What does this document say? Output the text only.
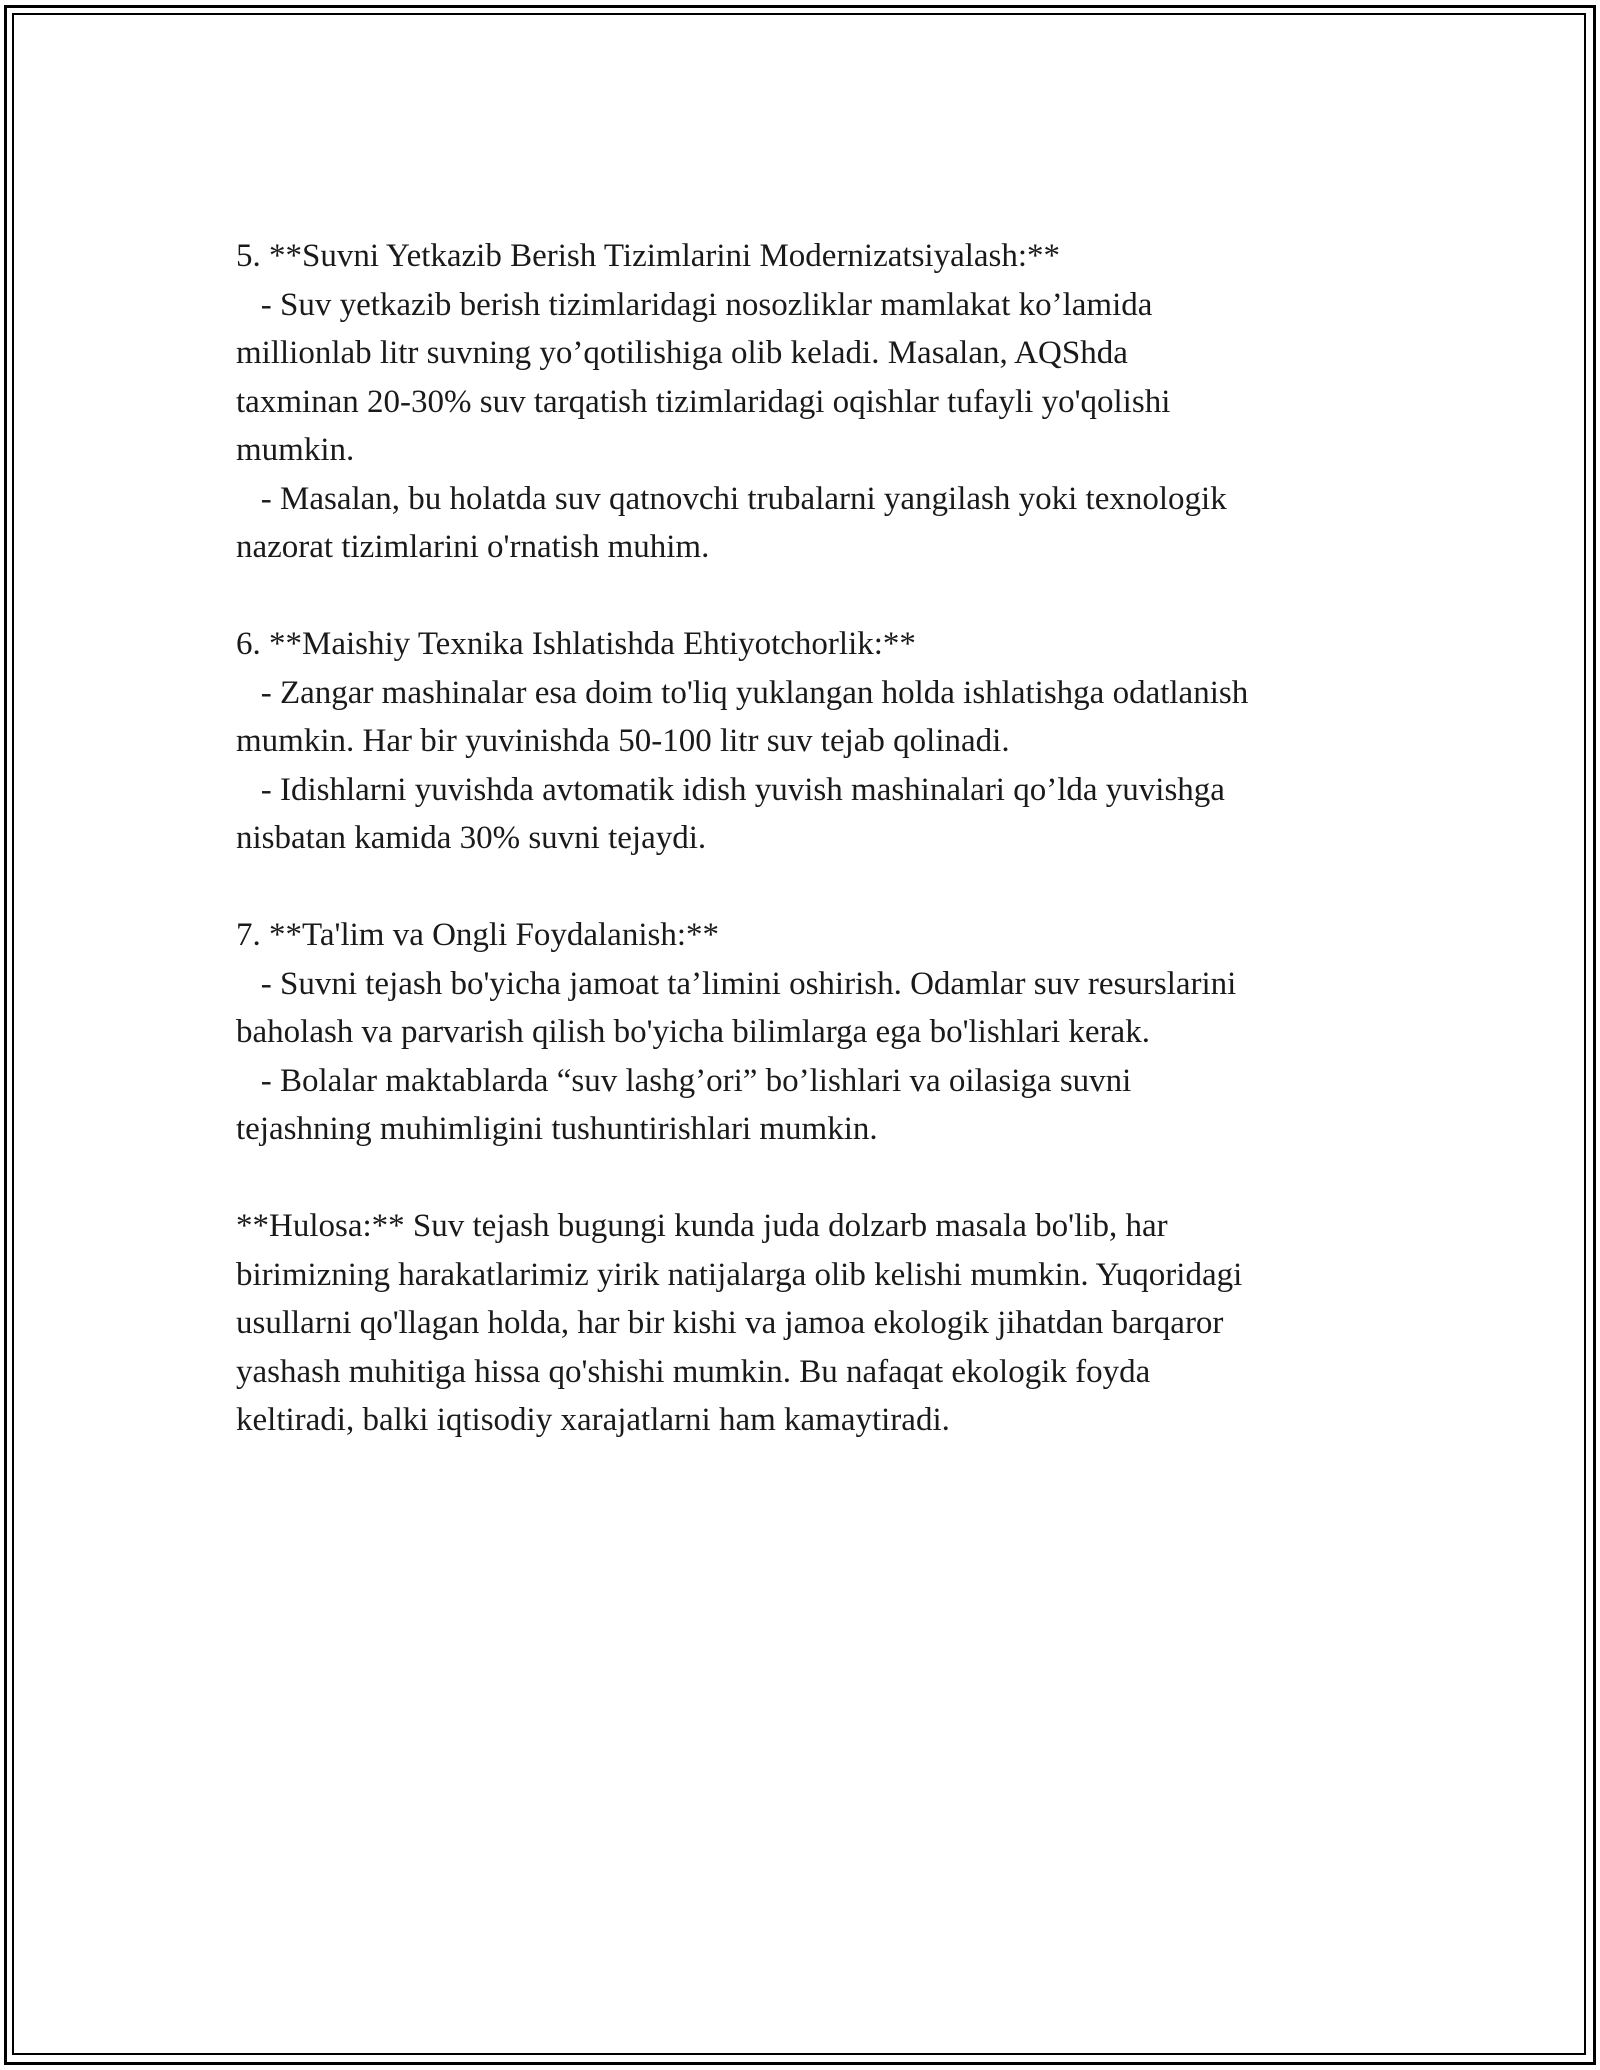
5. **Suvni Yetkazib Berish Tizimlarini Modernizatsiyalash:**
- Suv yetkazib berish tizimlaridagi nosozliklar mamlakat ko’lamida
millionlab litr suvning yo’qotilishiga olib keladi. Masalan, AQShda
taxminan 20-30% suv tarqatish tizimlaridagi oqishlar tufayli yo'qolishi
mumkin.
- Masalan, bu holatda suv qatnovchi trubalarni yangilash yoki texnologik
nazorat tizimlarini o'rnatish muhim.
6. **Maishiy Texnika Ishlatishda Ehtiyotchorlik:**
- Zangar mashinalar esa doim to'liq yuklangan holda ishlatishga odatlanish
mumkin. Har bir yuvinishda 50-100 litr suv tejab qolinadi.
- Idishlarni yuvishda avtomatik idish yuvish mashinalari qo’lda yuvishga
nisbatan kamida 30% suvni tejaydi.
7. **Ta'lim va Ongli Foydalanish:**
- Suvni tejash bo'yicha jamoat ta’limini oshirish. Odamlar suv resurslarini
baholash va parvarish qilish bo'yicha bilimlarga ega bo'lishlari kerak.
- Bolalar maktablarda “suv lashg’ori” bo’lishlari va oilasiga suvni
tejashning muhimligini tushuntirishlari mumkin.
**Hulosa:** Suv tejash bugungi kunda juda dolzarb masala bo'lib, har
birimizning harakatlarimiz yirik natijalarga olib kelishi mumkin. Yuqoridagi
usullarni qo'llagan holda, har bir kishi va jamoa ekologik jihatdan barqaror
yashash muhitiga hissa qo'shishi mumkin. Bu nafaqat ekologik foyda
keltiradi, balki iqtisodiy xarajatlarni ham kamaytiradi.
